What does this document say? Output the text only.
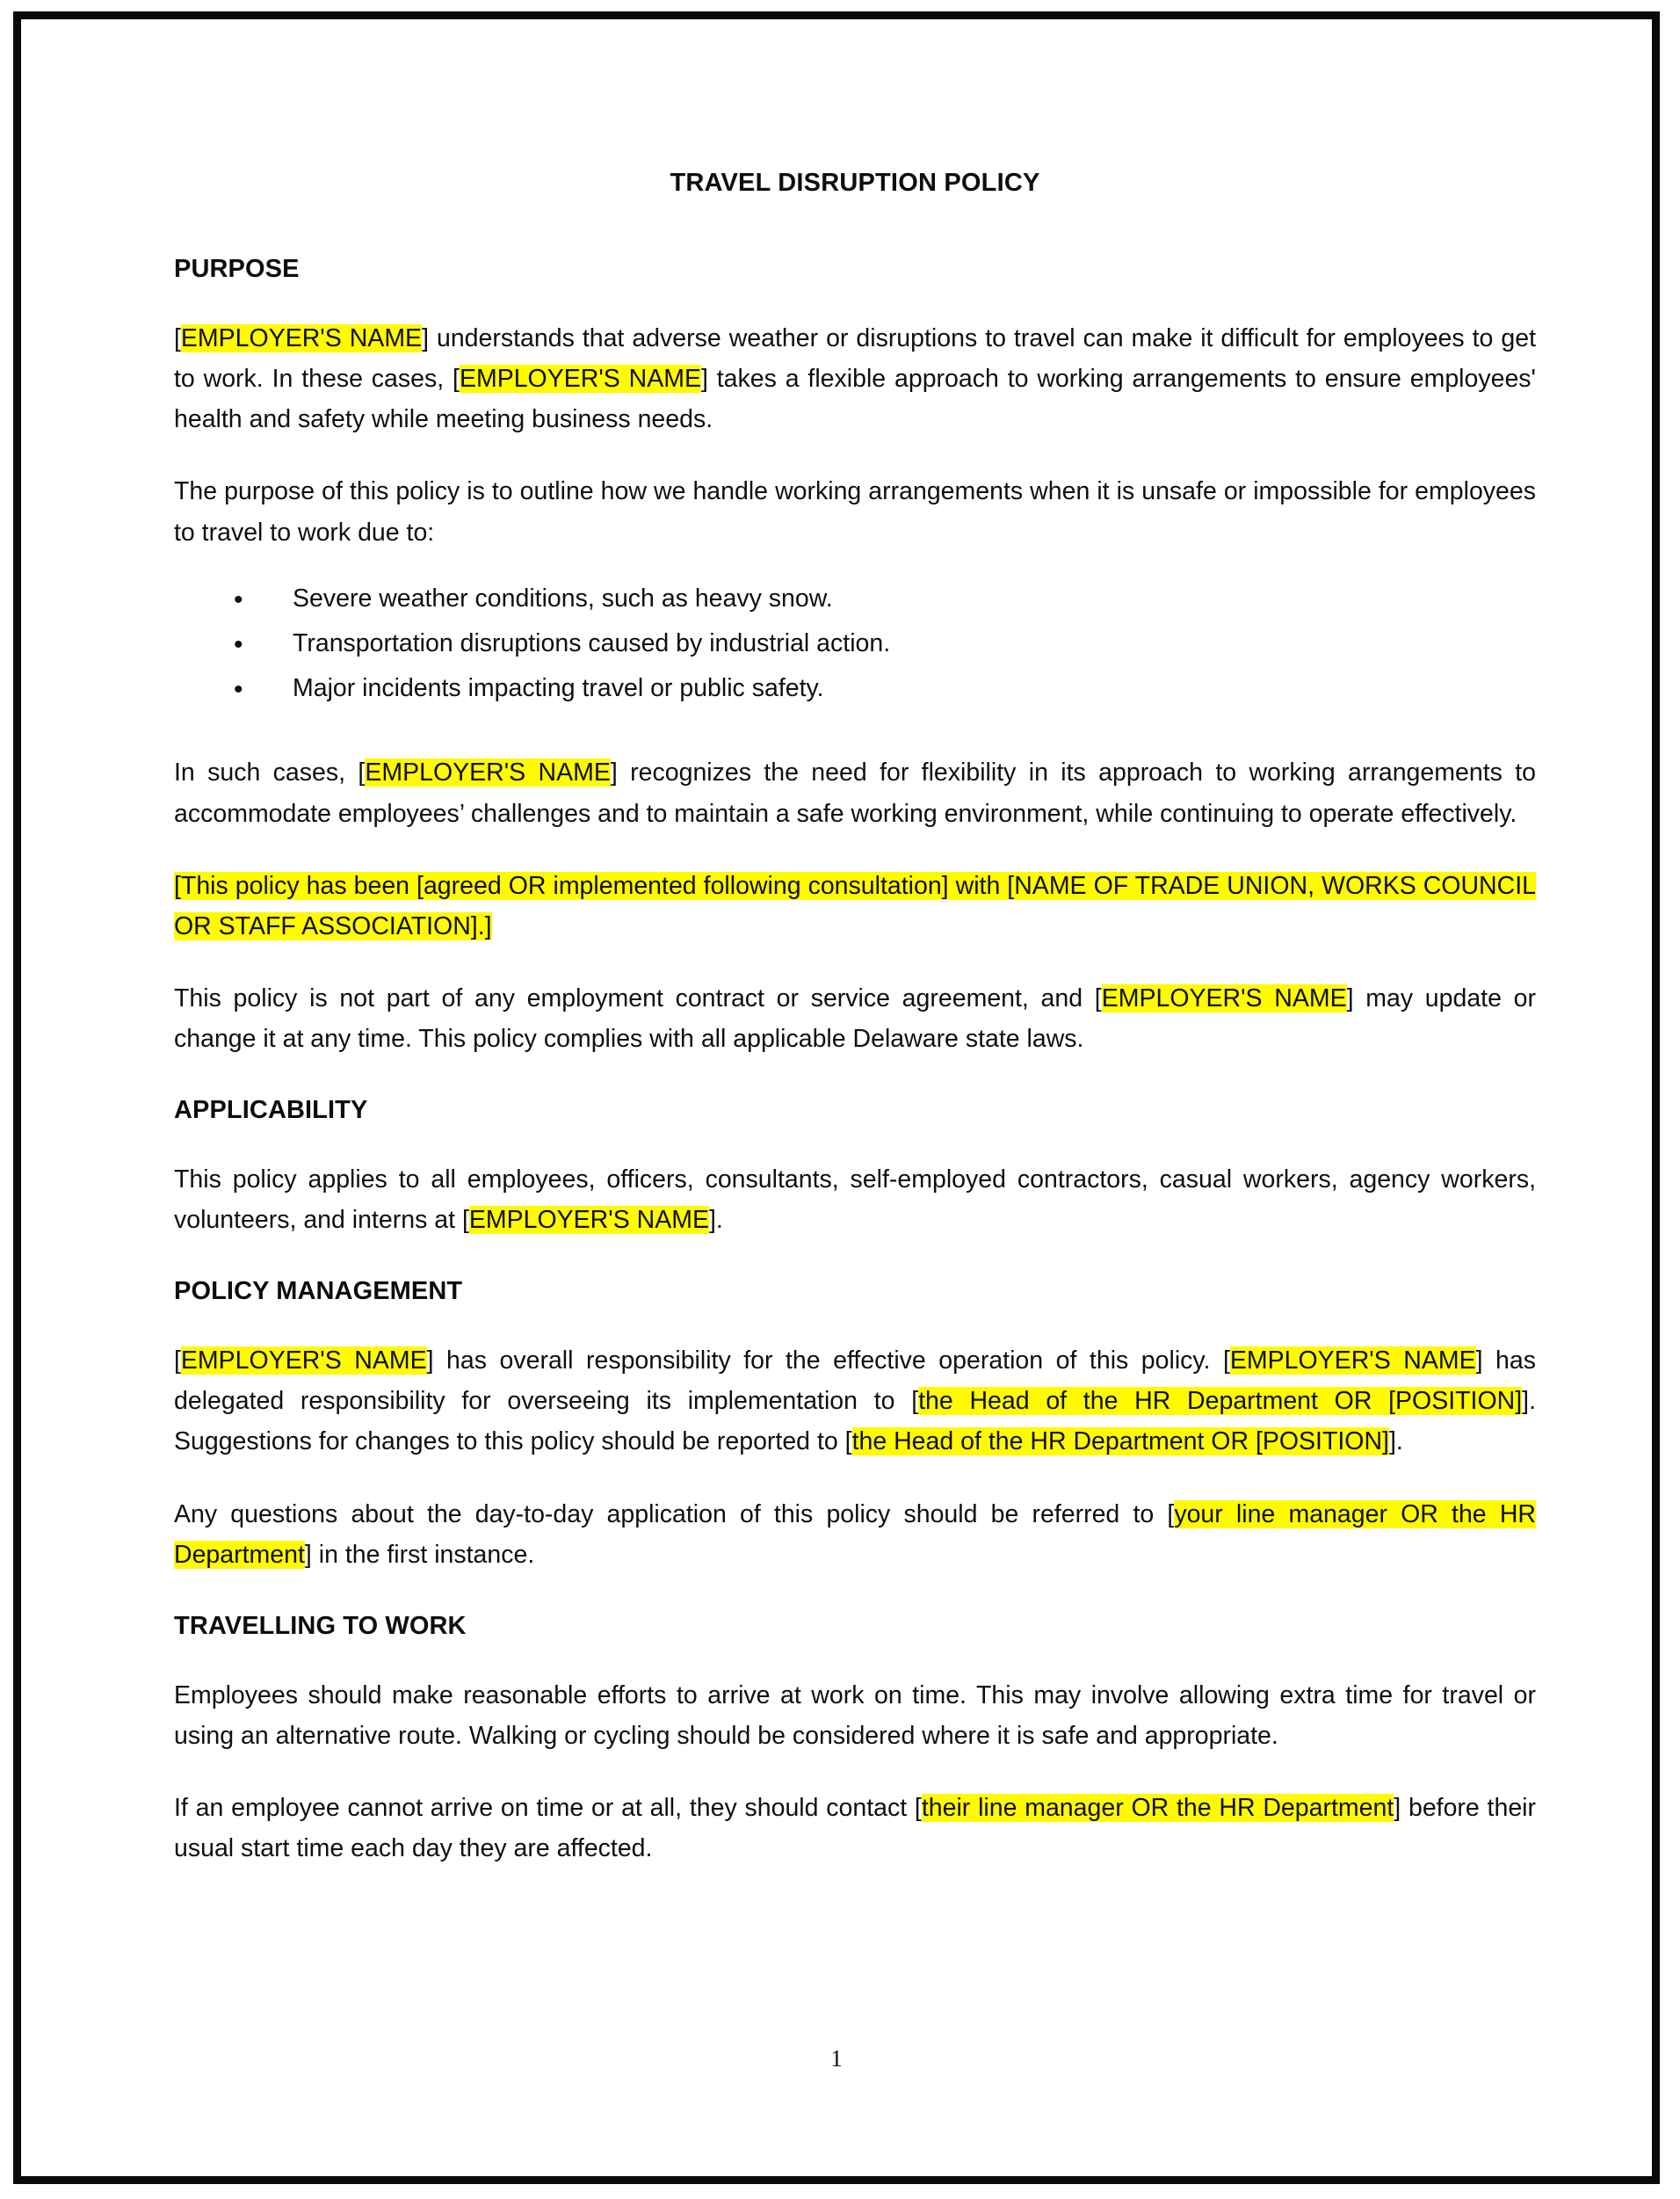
TRAVEL DISRUPTION POLICY
PURPOSE

[EMPLOYER'S NAME] understands that adverse weather or disruptions to travel can make it difficult for employees to get to work. In these cases, [EMPLOYER'S NAME] takes a flexible approach to working arrangements to ensure employees' health and safety while meeting business needs.

The purpose of this policy is to outline how we handle working arrangements when it is unsafe or impossible for employees to travel to work due to:

• Severe weather conditions, such as heavy snow.
• Transportation disruptions caused by industrial action.
• Major incidents impacting travel or public safety.

In such cases, [EMPLOYER'S NAME] recognizes the need for flexibility in its approach to working arrangements to accommodate employees’ challenges and to maintain a safe working environment, while continuing to operate effectively.

[This policy has been [agreed OR implemented following consultation] with [NAME OF TRADE UNION, WORKS COUNCIL OR STAFF ASSOCIATION].]

This policy is not part of any employment contract or service agreement, and [EMPLOYER'S NAME] may update or change it at any time. This policy complies with all applicable Delaware state laws.

APPLICABILITY

This policy applies to all employees, officers, consultants, self-employed contractors, casual workers, agency workers, volunteers, and interns at [EMPLOYER'S NAME].

POLICY MANAGEMENT

[EMPLOYER'S NAME] has overall responsibility for the effective operation of this policy. [EMPLOYER'S NAME] has delegated responsibility for overseeing its implementation to [the Head of the HR Department OR [POSITION]]. Suggestions for changes to this policy should be reported to [the Head of the HR Department OR [POSITION]].

Any questions about the day-to-day application of this policy should be referred to [your line manager OR the HR Department] in the first instance.

TRAVELLING TO WORK

Employees should make reasonable efforts to arrive at work on time. This may involve allowing extra time for travel or using an alternative route. Walking or cycling should be considered where it is safe and appropriate.

If an employee cannot arrive on time or at all, they should contact [their line manager OR the HR Department] before their usual start time each day they are affected.

1
